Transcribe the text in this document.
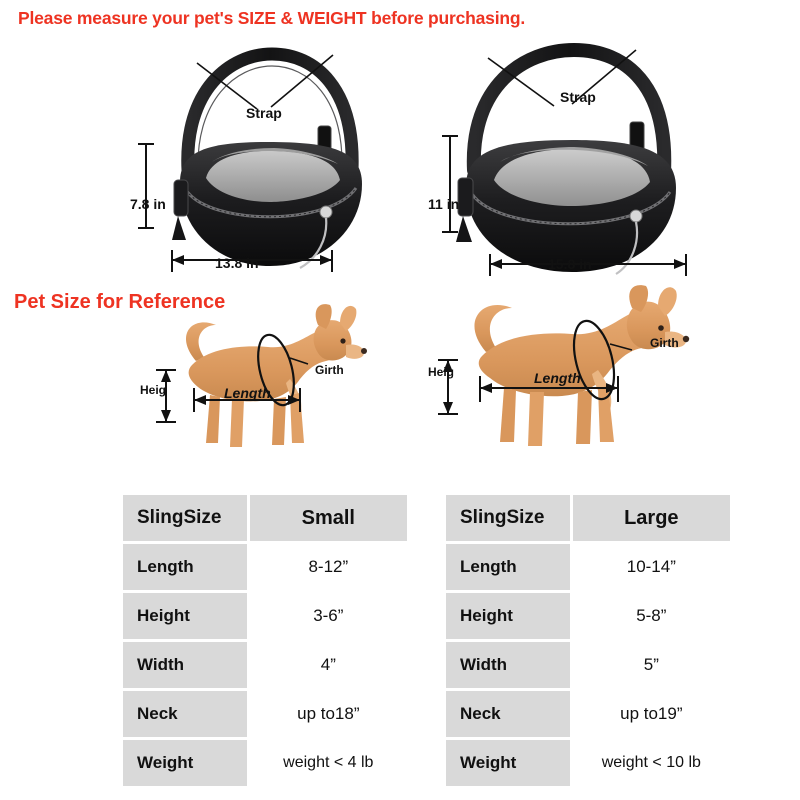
Please measure your pet's SIZE & WEIGHT before purchasing.
7.8 in
13.8 in
Strap
11 in
15.8 in
Strap
Pet Size for Reference
Girth
Heig	Length
Girth
Heig	Length
SlingSize	Small
Length	8-12”
Height	3-6”
Width	4”
Neck	up to18”
Weight	weight < 4 lb
SlingSize	Large
Length	10-14”
Height	5-8”
Width	5”
Neck	up to19”
Weight	weight < 10 lb
